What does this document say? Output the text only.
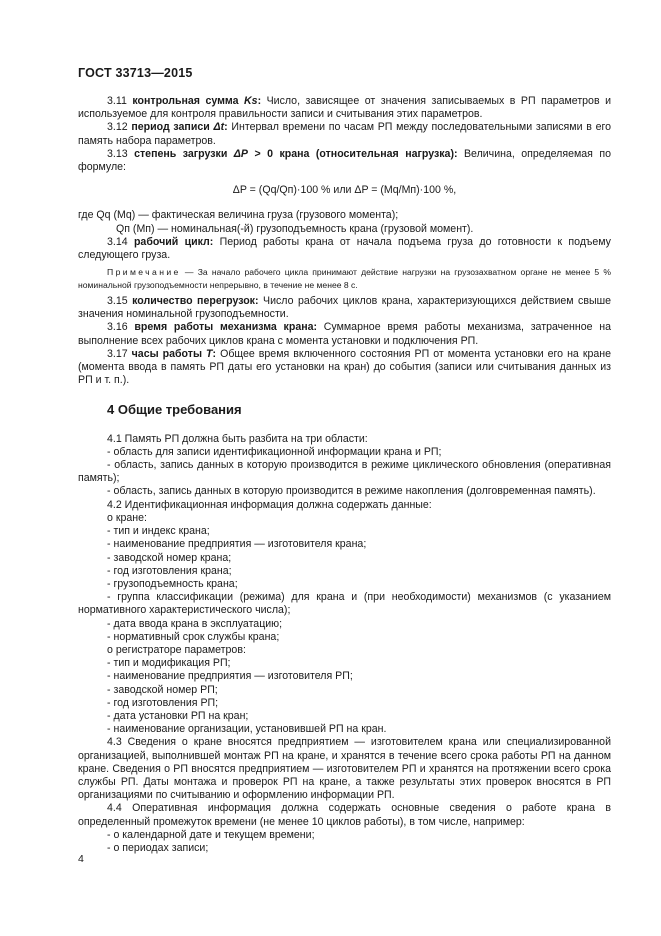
ГОСТ 33713—2015

3.11 контрольная сумма Ks: Число, зависящее от значения записываемых в РП параметров и используемое для контроля правильности записи и считывания этих параметров.

3.12 период записи Δt: Интервал времени по часам РП между последовательными записями в его память набора параметров.

3.13 степень загрузки ΔP > 0 крана (относительная нагрузка): Величина, определяемая по формуле:

ΔP = (Qq/Qп)·100 % или ΔP = (Mq/Mп)·100 %,

где Qq (Mq) — фактическая величина груза (грузового момента);

Qп (Mп) — номинальная(-й) грузоподъемность крана (грузовой момент).

3.14 рабочий цикл: Период работы крана от начала подъема груза до готовности к подъему следующего груза.

Примечание — За начало рабочего цикла принимают действие нагрузки на грузозахватном органе не менее 5 % номинальной грузоподъемности непрерывно, в течение не менее 8 с.

3.15 количество перегрузок: Число рабочих циклов крана, характеризующихся действием свыше значения номинальной грузоподъемности.

3.16 время работы механизма крана: Суммарное время работы механизма, затраченное на выполнение всех рабочих циклов крана с момента установки и подключения РП.

3.17 часы работы T: Общее время включенного состояния РП от момента установки его на кране (момента ввода в память РП даты его установки на кран) до события (записи или считывания данных из РП и т. п.).

4 Общие требования

4.1 Память РП должна быть разбита на три области:

- область для записи идентификационной информации крана и РП;

- область, запись данных в которую производится в режиме циклического обновления (оперативная память);

- область, запись данных в которую производится в режиме накопления (долговременная память).

4.2 Идентификационная информация должна содержать данные:

о кране:

- тип и индекс крана;

- наименование предприятия — изготовителя крана;

- заводской номер крана;

- год изготовления крана;

- грузоподъемность крана;

- группа классификации (режима) для крана и (при необходимости) механизмов (с указанием нормативного характеристического числа);

- дата ввода крана в эксплуатацию;

- нормативный срок службы крана;

о регистраторе параметров:

- тип и модификация РП;

- наименование предприятия — изготовителя РП;

- заводской номер РП;

- год изготовления РП;

- дата установки РП на кран;

- наименование организации, установившей РП на кран.

4.3 Сведения о кране вносятся предприятием — изготовителем крана или специализированной организацией, выполнившей монтаж РП на кране, и хранятся в течение всего срока работы РП на данном кране. Сведения о РП вносятся предприятием — изготовителем РП и хранятся на протяжении всего срока службы РП. Даты монтажа и проверок РП на кране, а также результаты этих проверок вносятся в РП организациями по считыванию и оформлению информации РП.

4.4 Оперативная информация должна содержать основные сведения о работе крана в определенный промежуток времени (не менее 10 циклов работы), в том числе, например:

- о календарной дате и текущем времени;

- о периодах записи;

4
